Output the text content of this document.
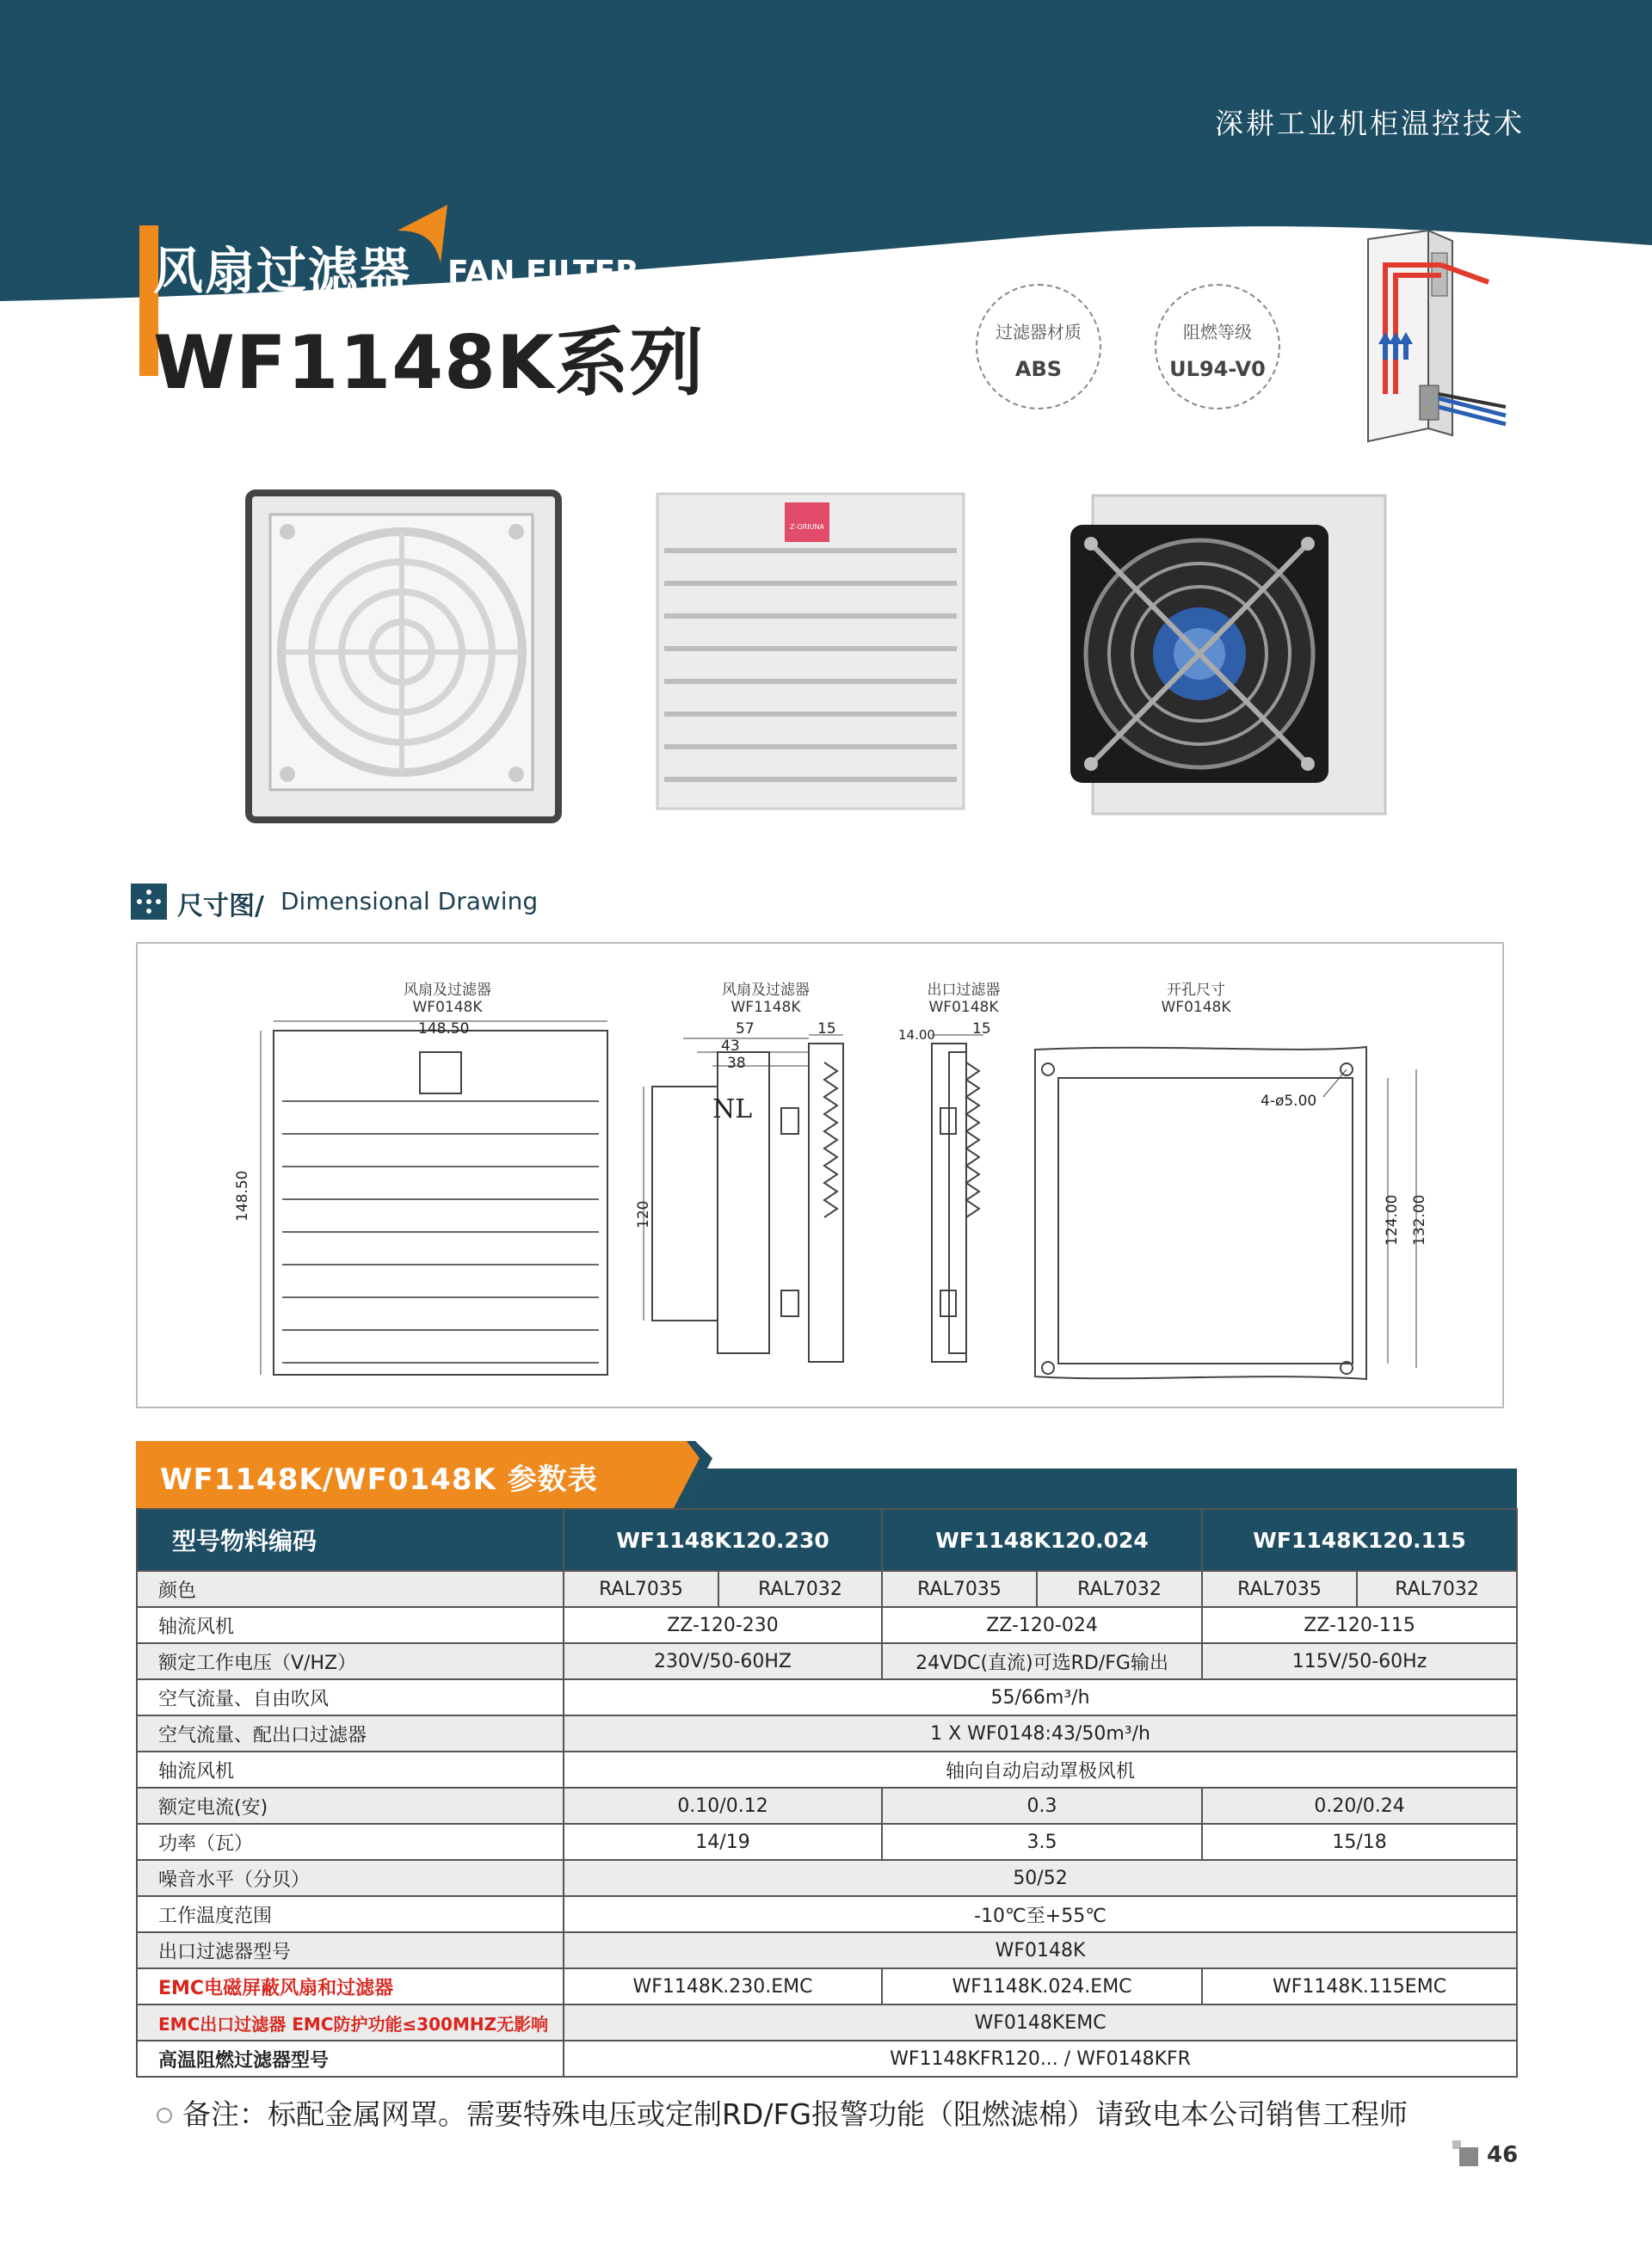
深耕工业机柜温控技术
风扇过滤器 FAN FILTER
WF1148K系列	过滤器材质
ABS
阻燃等级
UL94-V0
Z-ORIUNA
尺寸图/ Dimensional Drawing
风扇及过滤器
WF0148K
风扇及过滤器
WF1148K
出口过滤器
WF0148K
开孔尺寸
WF0148K
148.50
148.50
57
43
38
15
120
NL
14.00	15
4-ø5.00
124.00 132.00
WF1148K/WF0148K 参数表
型号物料编码	WF1148K120.230		WF1148K120.024		WF1148K120.115	
颜色	RAL7035	RAL7032	RAL7035	RAL7032	RAL7035	RAL7032
轴流风机	ZZ-120-230		ZZ-120-024		ZZ-120-115	
额定工作电压（V/HZ）	230V/50-60HZ		24VDC(直流)可选RD/FG输出		115V/50-60Hz	
空气流量、自由吹风	55/66m³/h					
空气流量、配出口过滤器	1 X WF0148:43/50m³/h					
轴流风机	轴向自动启动罩极风机					
额定电流(安)	0.10/0.12		0.3		0.20/0.24	
功率（瓦）	14/19		3.5		15/18	
噪音水平（分贝）	50/52					
工作温度范围	-10℃至+55℃					
出口过滤器型号	WF0148K					
EMC电磁屏蔽风扇和过滤器	WF1148K.230.EMC		WF1148K.024.EMC		WF1148K.115EMC	
EMC出口过滤器 EMC防护功能≤300MHZ无影响	WF0148KEMC					
高温阻燃过滤器型号	WF1148KFR120... / WF0148KFR					
备注：标配金属网罩。需要特殊电压或定制RD/FG报警功能（阻燃滤棉）请致电本公司销售工程师
46
